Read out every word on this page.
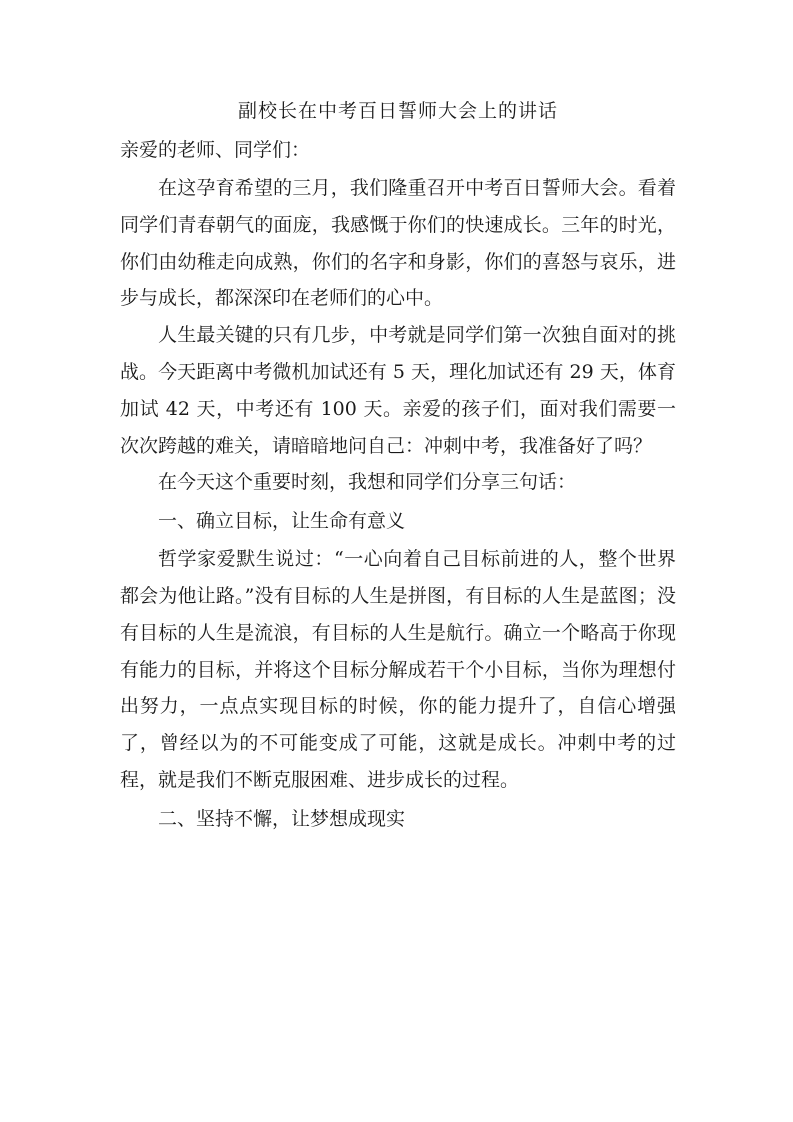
副校长在中考百日誓师大会上的讲话

亲爱的老师、同学们：

在这孕育希望的三月，我们隆重召开中考百日誓师大会。看着同学们青春朝气的面庞，我感慨于你们的快速成长。三年的时光，你们由幼稚走向成熟，你们的名字和身影，你们的喜怒与哀乐，进步与成长，都深深印在老师们的心中。

人生最关键的只有几步，中考就是同学们第一次独自面对的挑战。今天距离中考微机加试还有 5 天，理化加试还有 29 天，体育加试 42 天，中考还有 100 天。亲爱的孩子们，面对我们需要一次次跨越的难关，请暗暗地问自己：冲刺中考，我准备好了吗？

在今天这个重要时刻，我想和同学们分享三句话：

一、确立目标，让生命有意义

哲学家爱默生说过：“一心向着自己目标前进的人，整个世界都会为他让路。”没有目标的人生是拼图，有目标的人生是蓝图；没有目标的人生是流浪，有目标的人生是航行。确立一个略高于你现有能力的目标，并将这个目标分解成若干个小目标，当你为理想付出努力，一点点实现目标的时候，你的能力提升了，自信心增强了，曾经以为的不可能变成了可能，这就是成长。冲刺中考的过程，就是我们不断克服困难、进步成长的过程。

二、坚持不懈，让梦想成现实
